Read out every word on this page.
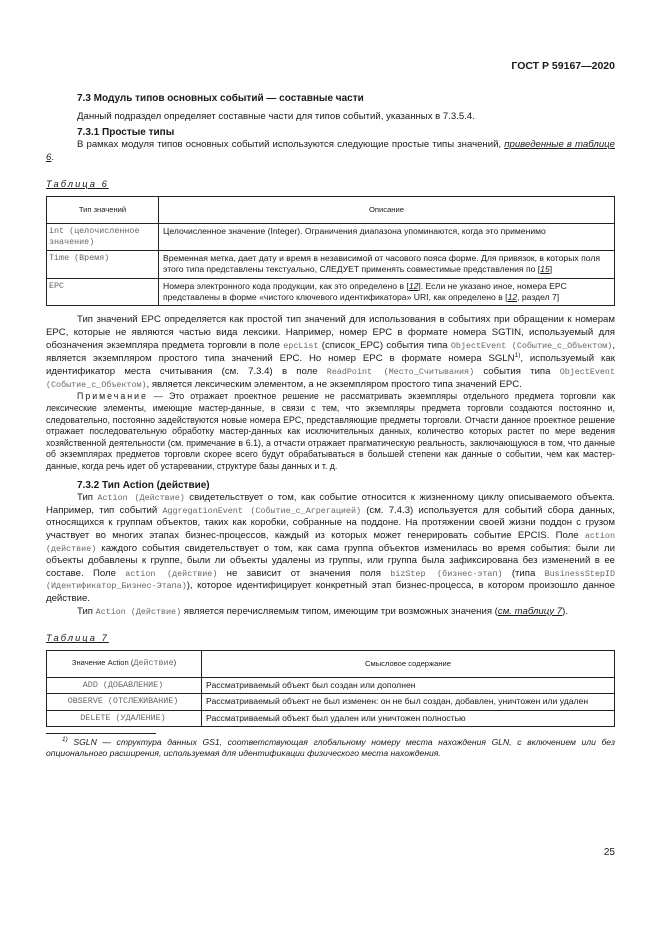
ГОСТ Р 59167—2020

7.3 Модуль типов основных событий — составные части

Данный подраздел определяет составные части для типов событий, указанных в 7.3.5.4.

7.3.1 Простые типы

В рамках модуля типов основных событий используются следующие простые типы значений, приведенные в таблице 6.

Таблица 6
Тип значений	Описание
int (целочисленное значение)	Целочисленное значение (Integer). Ограничения диапазона упоминаются, когда это применимо
Time (Время)	Временная метка, дает дату и время в независимой от часового пояса форме. Для привязок, в которых поля этого типа представлены текстуально, СЛЕДУЕТ применять совместимые представления по [15]
EPC	Номера электронного кода продукции, как это определено в [12]. Если не указано иное, номера EPC представлены в форме «чистого ключевого идентификатора» URI, как определено в [12, раздел 7]

Тип значений EPC определяется как простой тип значений для использования в событиях при обращении к номерам EPC, которые не являются частью вида лексики. Например, номер EPC в формате номера SGTIN, используемый для обозначения экземпляра предмета торговли в поле epcList (список_EPC) события типа ObjectEvent (Событие_с_Объектом), является экземпляром простого типа значений EPC. Но номер EPC в формате номера SGLN$^{1)}$, используемый как идентификатор места считывания (см. 7.3.4) в поле ReadPoint (Место_Считывания) события типа ObjectEvent (Событие_с_Объектом), является лексическим элементом, а не экземпляром простого типа значений EPC.

Примечание — Это отражает проектное решение не рассматривать экземпляры отдельного предмета торговли как лексические элементы, имеющие мастер-данные, в связи с тем, что экземпляры предмета торговли создаются постоянно и, следовательно, постоянно задействуются новые номера EPC, представляющие предметы торговли. Отчасти данное проектное решение отражает последовательную обработку мастер-данных как исключительных данных, количество которых растет по мере ведения хозяйственной деятельности (см. примечание в 6.1), а отчасти отражает прагматическую реальность, заключающуюся в том, что данные об экземплярах предметов торговли скорее всего будут обрабатываться в большей степени как данные о событии, чем как мастер-данные, когда речь идет об устаревании, структуре базы данных и т. д.

7.3.2 Тип Action (действие)

Тип Action (Действие) свидетельствует о том, как событие относится к жизненному циклу описываемого объекта. Например, тип событий AggregationEvent (Событие_с_Агрегацией) (см. 7.4.3) используется для событий сбора данных, относящихся к группам объектов, таких как коробки, собранные на поддоне. На протяжении своей жизни поддон с грузом участвует во многих этапах бизнес-процессов, каждый из которых может генерировать событие EPCIS. Поле action (действие) каждого события свидетельствует о том, как сама группа объектов изменилась во время события: были ли объекты добавлены к группе, были ли объекты удалены из группы, или группа была зафиксирована без изменений в ее составе. Поле action (действие) не зависит от значения поля bizStep (бизнес-этап) (типа BusinessStepID (Идентификатор_Бизнес-Этапа)), которое идентифицирует конкретный этап бизнес-процесса, в котором произошло данное действие.

Тип Action (Действие) является перечисляемым типом, имеющим три возможных значения (см. таблицу 7).

Таблица 7
Значение Action (Действие)	Смысловое содержание
ADD (ДОБАВЛЕНИЕ)	Рассматриваемый объект был создан или дополнен
OBSERVE (ОТСЛЕЖИВАНИЕ)	Рассматриваемый объект не был изменен: он не был создан, добавлен, уничтожен или удален
DELETE (УДАЛЕНИЕ)	Рассматриваемый объект был удален или уничтожен полностью

$^{1)}$ SGLN — структура данных GS1, соответствующая глобальному номеру места нахождения GLN, с включением или без опционального расширения, используемая для идентификации физического места нахождения.

25
